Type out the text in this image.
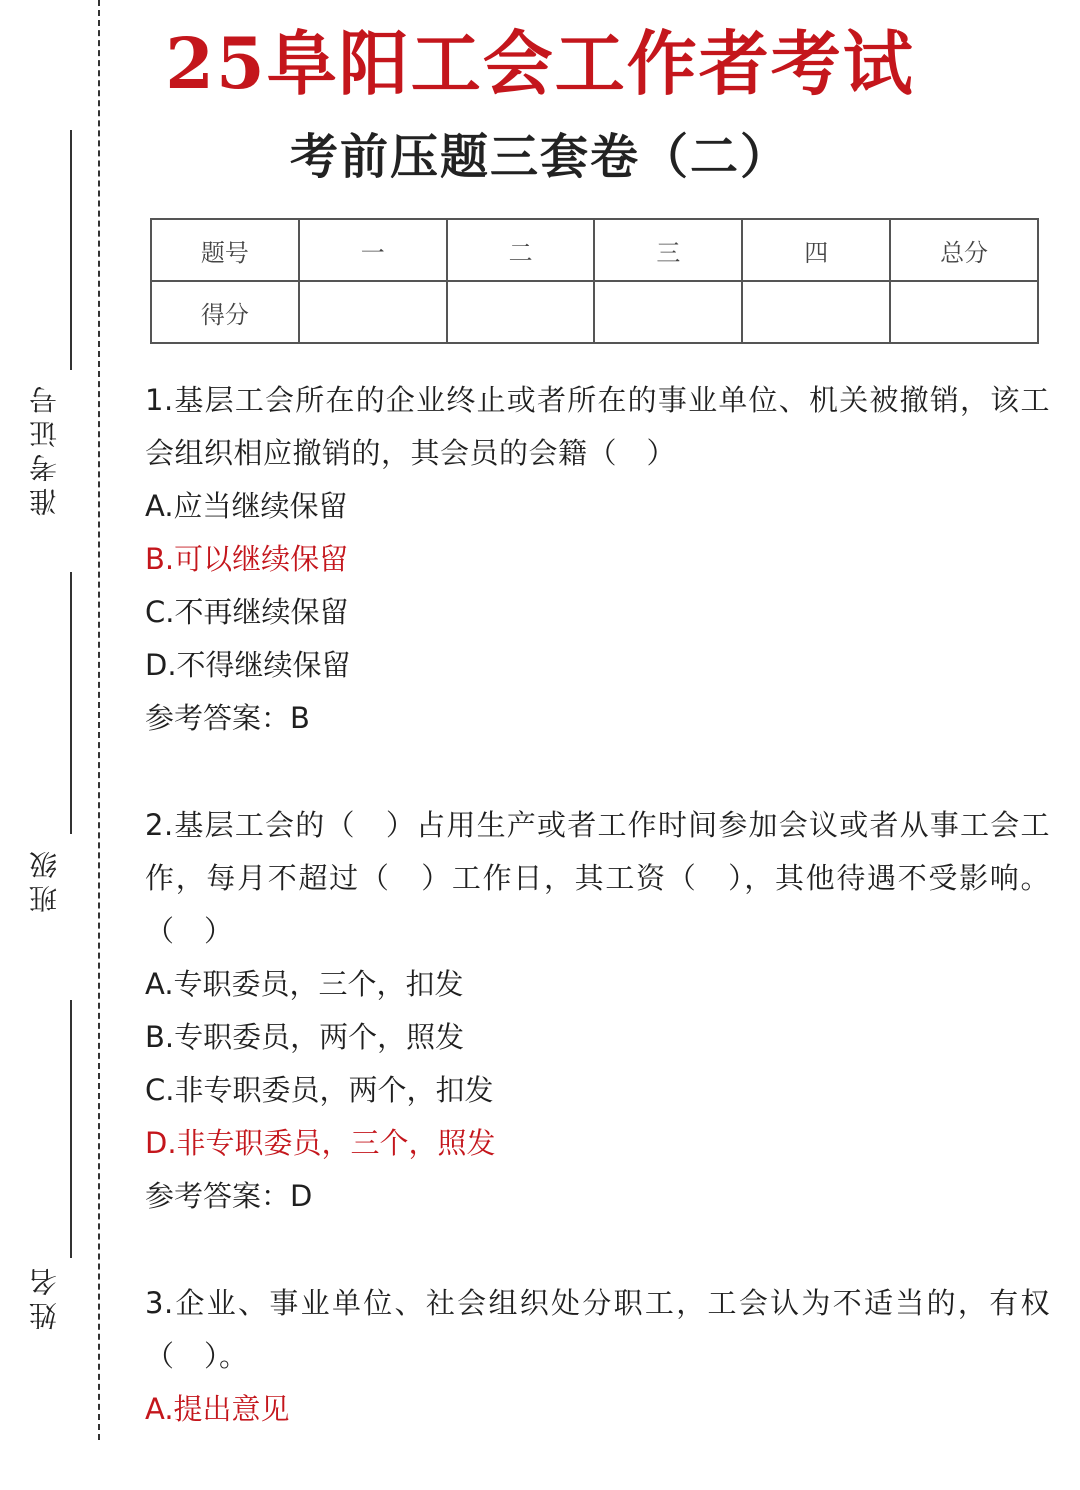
准考证号
班级
姓名
25阜阳工会工作者考试
考前压题三套卷（二）
题号	一	二	三	四	总分
得分					

1.基层工会所在的企业终止或者所在的事业单位、机关被撤销，该工会组织相应撤销的，其会员的会籍（　）

A.应当继续保留

B.可以继续保留

C.不再继续保留

D.不得继续保留

参考答案：B

2.基层工会的（　）占用生产或者工作时间参加会议或者从事工会工作，每月不超过（　）工作日，其工资（　），其他待遇不受影响。（　）

A.专职委员，三个，扣发

B.专职委员，两个，照发

C.非专职委员，两个，扣发

D.非专职委员，三个，照发

参考答案：D

3.企业、事业单位、社会组织处分职工，工会认为不适当的，有权（　）。

A.提出意见
